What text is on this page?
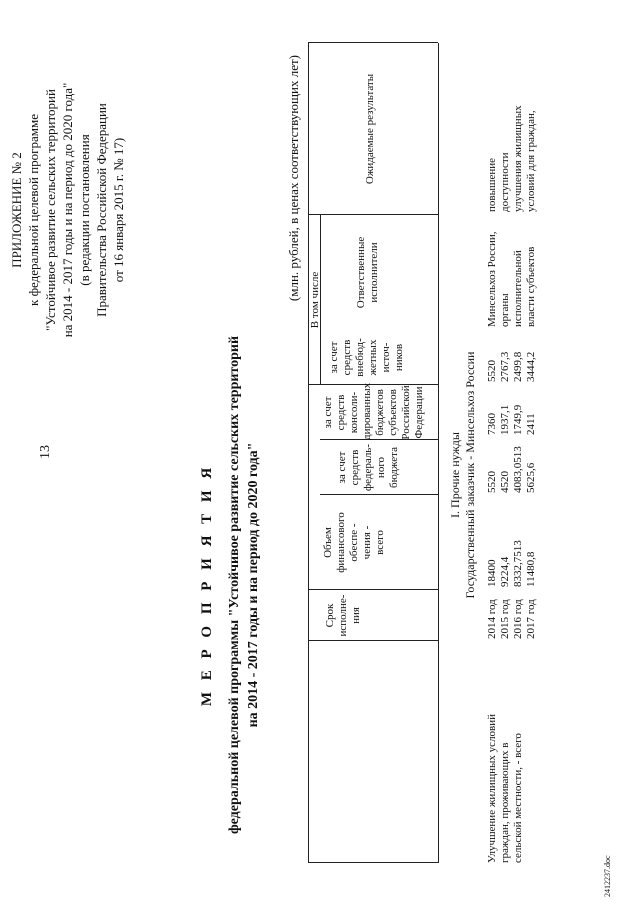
13
ПРИЛОЖЕНИЕ № 2 к федеральной целевой программе "Устойчивое развитие сельских территорий на 2014 - 2017 годы и на период до 2020 года" (в редакции постановления Правительства Российской Федерации от 16 января 2015 г. № 17)
М Е Р О П Р И Я Т И Я федеральной целевой программы "Устойчивое развитие сельских территорий на 2014 - 2017 годы и на период до 2020 года"
(млн. рублей, в ценах соответствующих лет)
Срок исполне- ния
Объем финансового обеспе - чения - всего
В том числе
за счет средств федераль- ного бюджета
за счет средств консоли- дированных бюджетов субъектов Российской Федерации
за счет средств внебюд- жетных источ- ников
Ответственные исполнители
Ожидаемые результаты
I. Прочие нужды Государственный заказчик - Минсельхоз России
Улучшение жилищных условий граждан, проживающих в сельской местности, - всего
2014 год 2015 год 2016 год 2017 год
18400 9224,4 8332,7513 11480,8
5520 4520 4083,0513 5625,6
7360 1937,1 1749,9 2411
5520 2767,3 2499,8 3444,2
Минсельхоз России, органы исполнительной власти субъектов
повышение доступности улучшения жилищных условий для граждан,
2412237.doc
